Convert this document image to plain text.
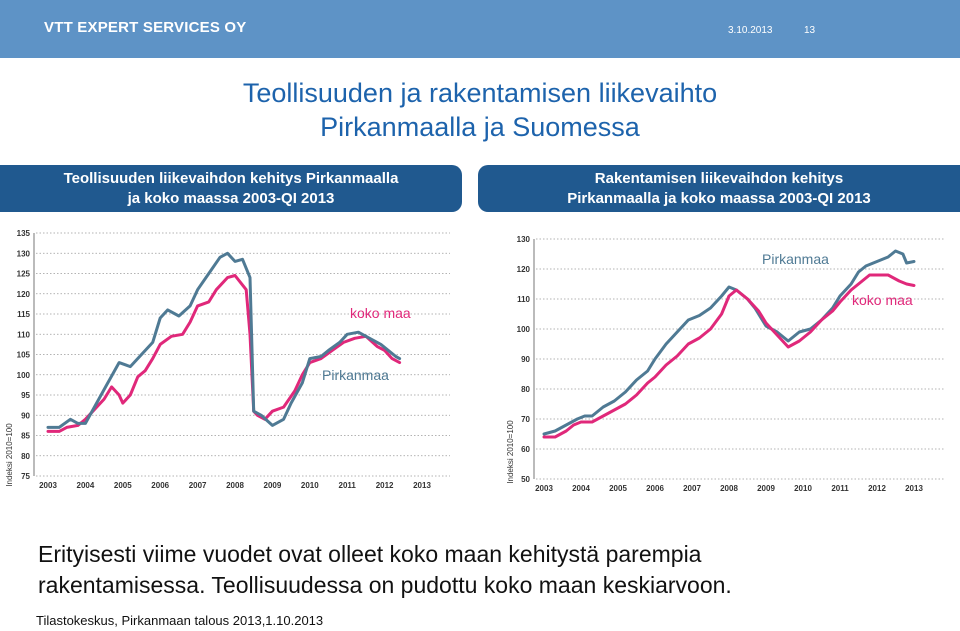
VTT EXPERT SERVICES OY	3.10.2013	13
Teollisuuden ja rakentamisen liikevaihto
Pirkanmaalla ja Suomessa
Teollisuuden liikevaihdon kehitys Pirkanmaalla
ja koko maassa 2003-QI 2013
Rakentamisen liikevaihdon kehitys
Pirkanmaalla ja koko maassa 2003-QI 2013
75
80
85
90
95
100
105
110
115
120
125
130
135
2003 2004 2005 2006 2007 2008 2009 2010 2011 2012 2013
Indeksi 2010=100
koko maa
Pirkanmaa
50
60
70
80
90
100
110
120
130
2003 2004 2005 2006 2007 2008 2009 2010 2011 2012 2013
Indeksi 2010=100
Pirkanmaa
koko maa
Erityisesti viime vuodet ovat olleet koko maan kehitystä parempia
rakentamisessa. Teollisuudessa on pudottu koko maan keskiarvoon.
Tilastokeskus, Pirkanmaan talous 2013,1.10.2013
